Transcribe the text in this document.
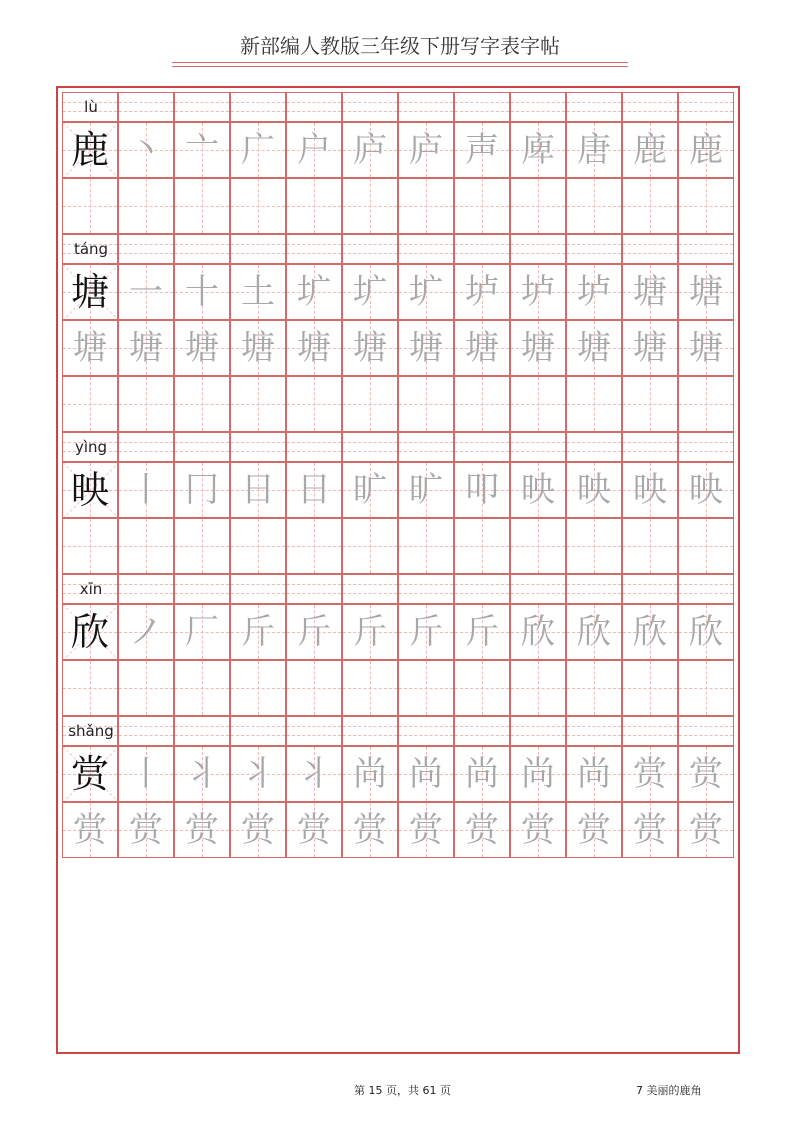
新部编人教版三年级下册写字表字帖
lù
鹿 丶 亠 广 户 庐 庐 声 庳 唐 鹿 鹿
táng
塘 一 十 土 圹 圹 圹 垆 垆 垆 塘 塘
塘 塘 塘 塘 塘 塘 塘 塘 塘 塘 塘 塘
yìng
映 丨 冂 日 日 旷 旷 叩 映 映 映 映
xīn
欣 ノ 厂 斤 斤 斤 斤 斤 欣 欣 欣 欣
shǎng
赏 丨 丬 丬 丬 尚 尚 尚 尚 尚 赏 赏
赏 赏 赏 赏 赏 赏 赏 赏 赏 赏 赏 赏
第 15 页，共 61 页	7 美丽的鹿角
